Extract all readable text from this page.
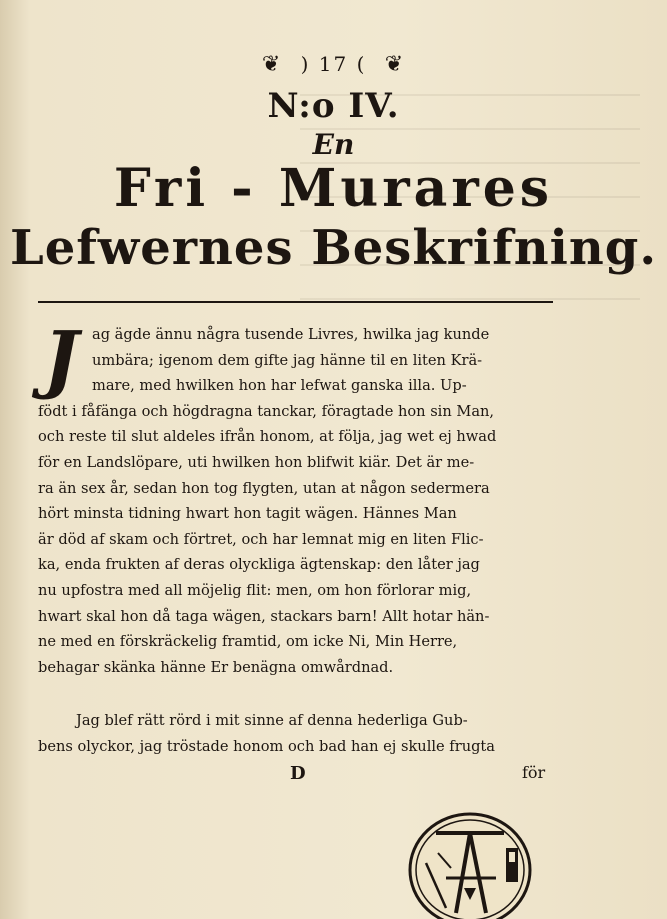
❦ ) 17 ( ❦
N:o IV.
En
Fri - Murares
Lefwernes Beskrifning.
J ag ägde ännu några tusende Livres, hwilka jag kunde
umbära; igenom dem gifte jag hänne til en liten Krä-
mare, med hwilken hon har lefwat ganska illa. Up-
födt i fåfänga och högdragna tanckar, föragtade hon sin Man,
och reste til slut aldeles ifrån honom, at följa, jag wet ej hwad
för en Landslöpare, uti hwilken hon blifwit kiär. Det är me-
ra än sex år, sedan hon tog flygten, utan at någon sedermera
hört minsta tidning hwart hon tagit wägen. Hännes Man
är död af skam och förtret, och har lemnat mig en liten Flic-
ka, enda frukten af deras olyckliga ägtenskap: den låter jag
nu upfostra med all möjelig flit: men, om hon förlorar mig,
hwart skal hon då taga wägen, stackars barn! Allt hotar hän-
ne med en förskräckelig framtid, om icke Ni, Min Herre,
behagar skänka hänne Er benägna omwårdnad.
Jag blef rätt rörd i mit sinne af denna hederliga Gub-
bens olyckor, jag tröstade honom och bad han ej skulle frugta
D	för
